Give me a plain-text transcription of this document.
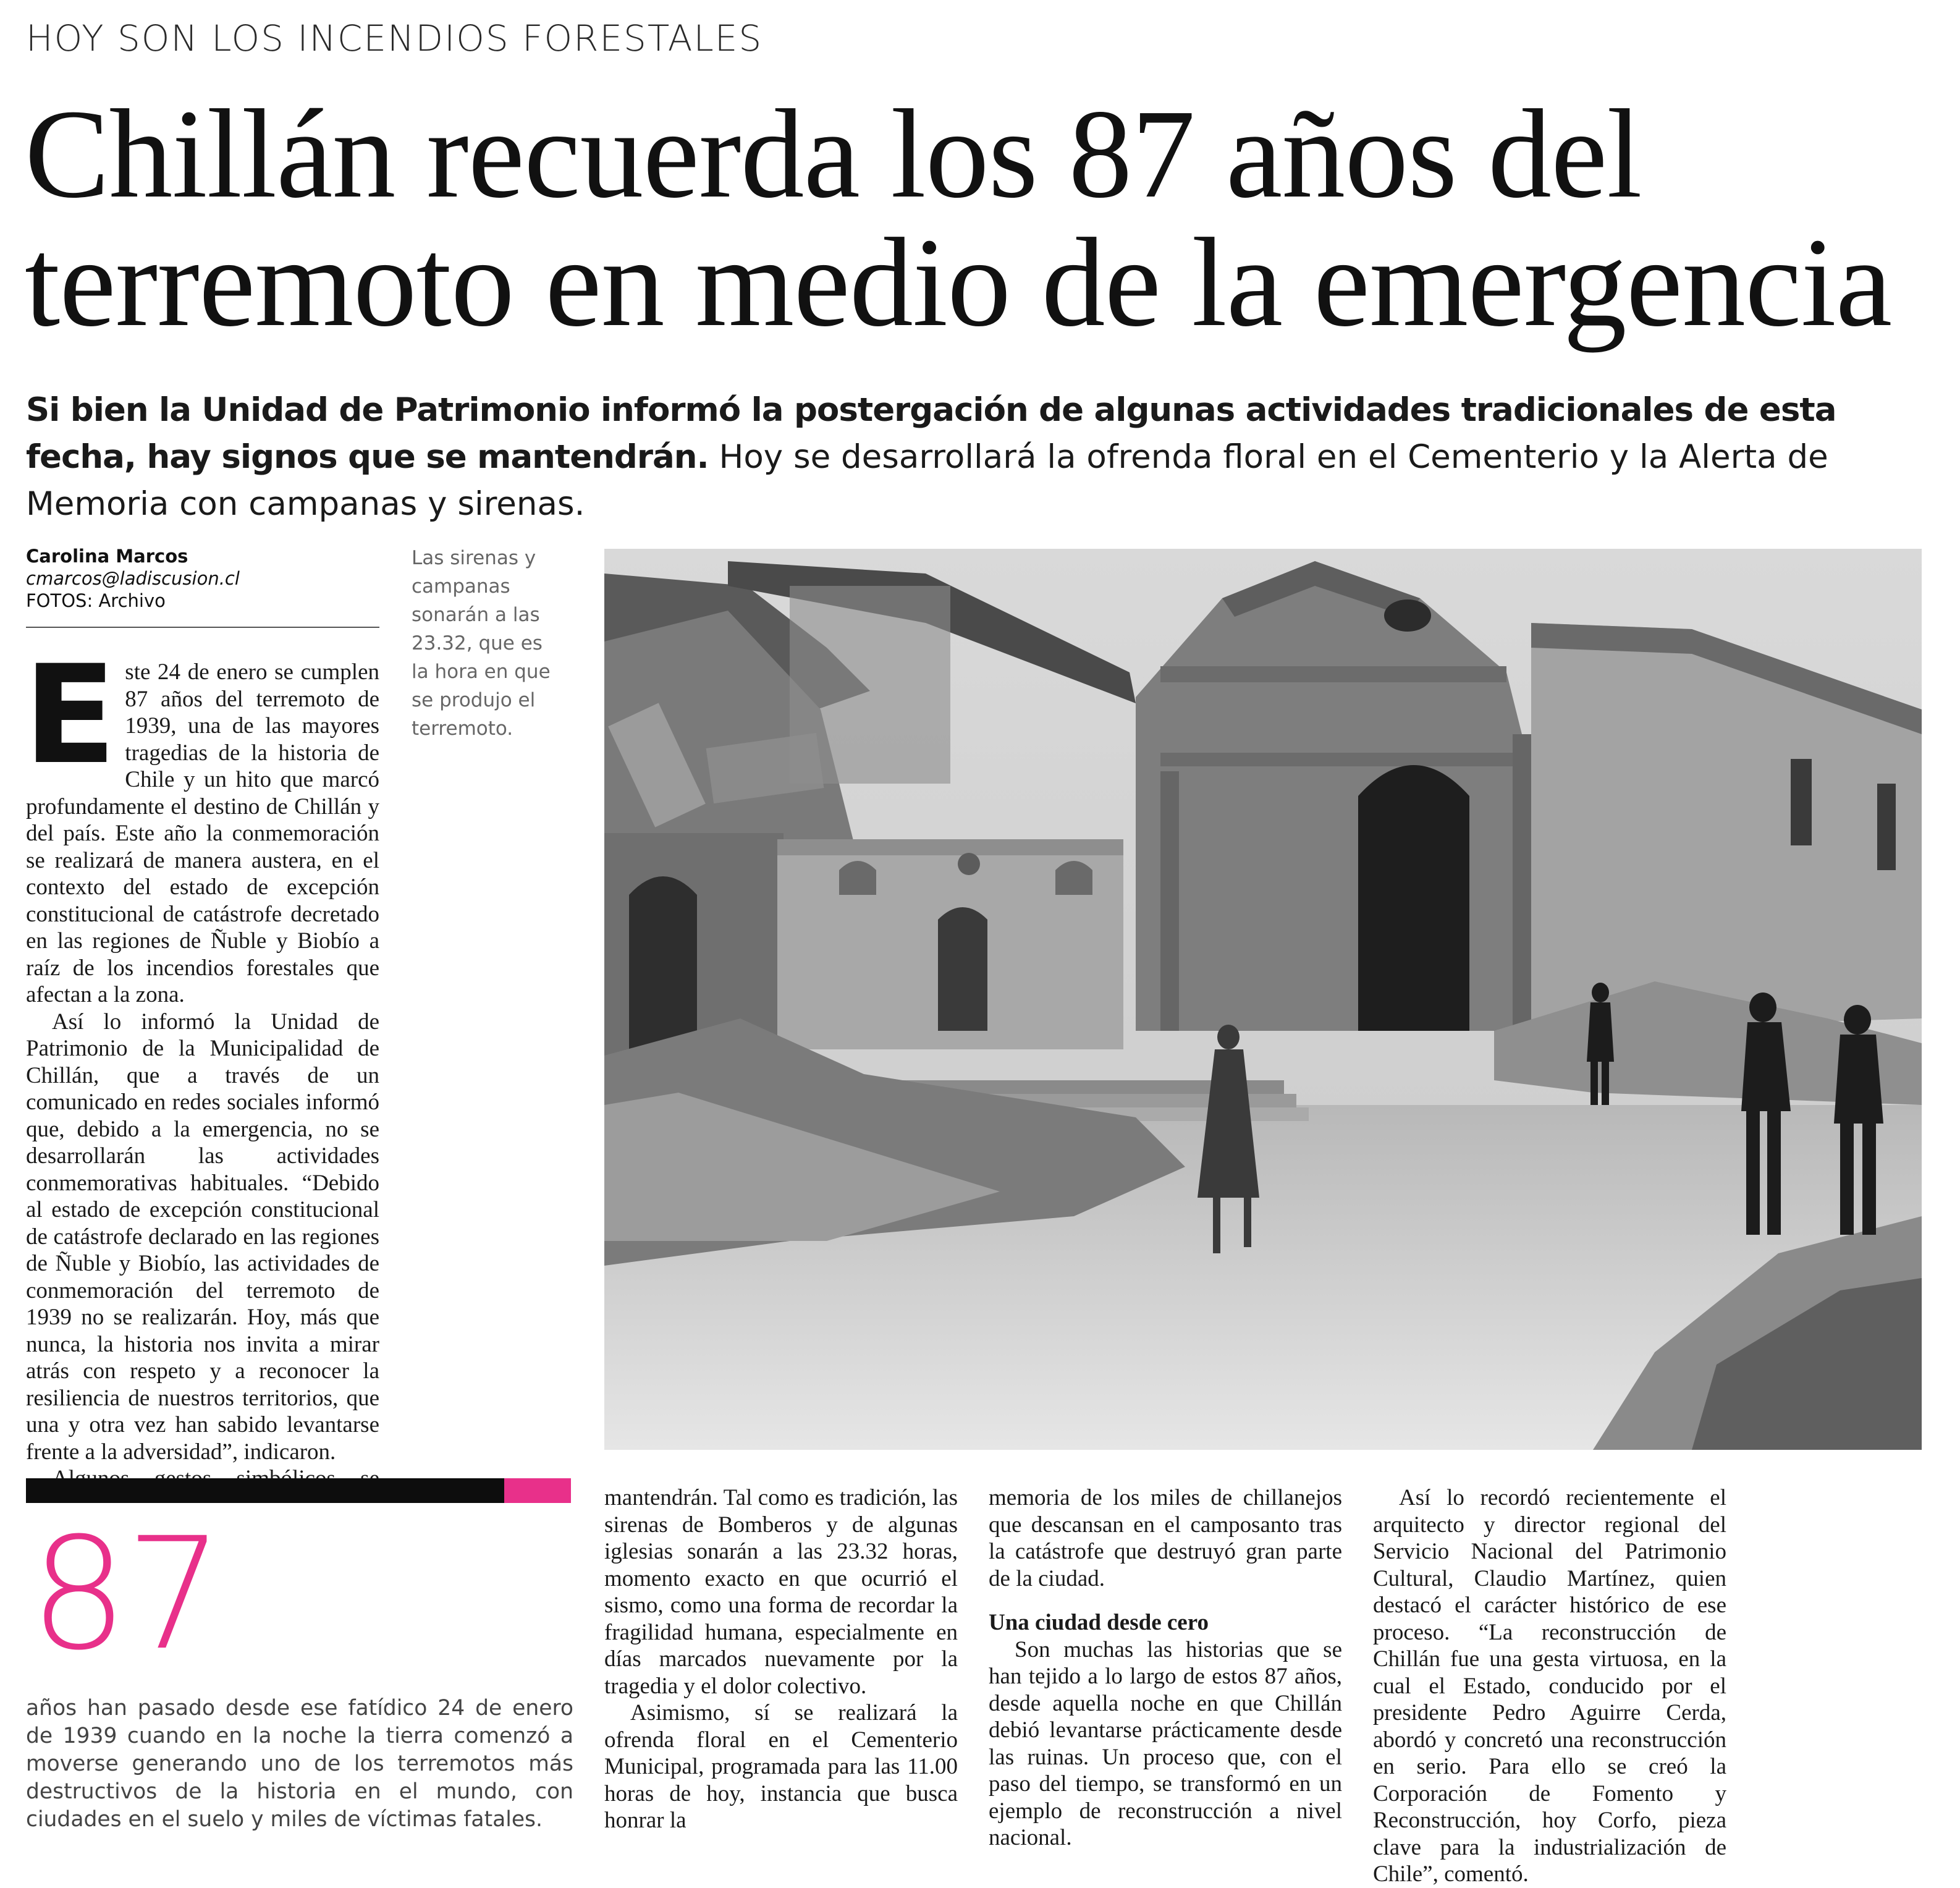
HOY SON LOS INCENDIOS FORESTALES
Chillán recuerda los 87 años del
terremoto en medio de la emergencia
Si bien la Unidad de Patrimonio informó la postergación de algunas actividades tradicionales de esta fecha, hay signos que se mantendrán. Hoy se desarrollará la ofrenda floral en el Cementerio y la Alerta de Memoria con campanas y sirenas.
Carolina Marcos
cmarcos@ladiscusion.cl
FOTOS: Archivo
Las sirenas y campanas sonarán a las 23.32, que es la hora en que se produjo el terremoto.

E ste 24 de enero se cumplen 87 años del terremoto de 1939, una de las mayores tragedias de la historia de Chile y un hito que marcó profundamente el destino de Chillán y del país. Este año la conmemoración se realizará de manera austera, en el contexto del estado de excepción constitucional de catástrofe decretado en las regiones de Ñuble y Biobío a raíz de los incendios forestales que afectan a la zona.

Así lo informó la Unidad de Patrimonio de la Municipalidad de Chillán, que a través de un comunicado en redes sociales informó que, debido a la emergencia, no se desarrollarán las actividades conmemorativas habituales. “Debido al estado de excepción constitucional de catástrofe declarado en las regiones de Ñuble y Biobío, las actividades de conmemoración del terremoto de 1939 no se realizarán. Hoy, más que nunca, la historia nos invita a mirar atrás con respeto y a reconocer la resiliencia de nuestros territorios, que una y otra vez han sabido levantarse frente a la adversidad”, indicaron.

mantendrán. Tal como es tradición, las sirenas de Bomberos y de algunas iglesias sonarán a las 23.32 horas, momento exacto en que ocurrió el sismo, como una forma de recordar la fragilidad humana, especialmente en días marcados nuevamente por la tragedia y el dolor colectivo.

Asimismo, sí se realizará la ofrenda floral en el Cementerio Municipal, programada para las 11.00 horas de hoy, instancia que busca honrar la

memoria de los miles de chillanejos que descansan en el camposanto tras la catástrofe que destruyó gran parte de la ciudad.

Una ciudad desde cero

Son muchas las historias que se han tejido a lo largo de estos 87 años, desde aquella noche en que Chillán debió levantarse prácticamente desde las ruinas. Un proceso que, con el paso del tiempo, se transformó en un ejemplo de reconstrucción a nivel nacional.

Así lo recordó recientemente el arquitecto y director regional del Servicio Nacional del Patrimonio Cultural, Claudio Martínez, quien destacó el carácter histórico de ese proceso. “La reconstrucción de Chillán fue una gesta virtuosa, en la cual el Estado, conducido por el presidente Pedro Aguirre Cerda, abordó y concretó una reconstrucción en serio. Para ello se creó la Corporación de Fomento y Reconstrucción, hoy Corfo, pieza clave para la industrialización de Chile”, comentó.

87
años han pasado desde ese fatídico 24 de enero de 1939 cuando en la noche la tierra comenzó a moverse generando uno de los terremotos más destructivos de la historia en el mundo, con ciudades en el suelo y miles de víctimas fatales.
